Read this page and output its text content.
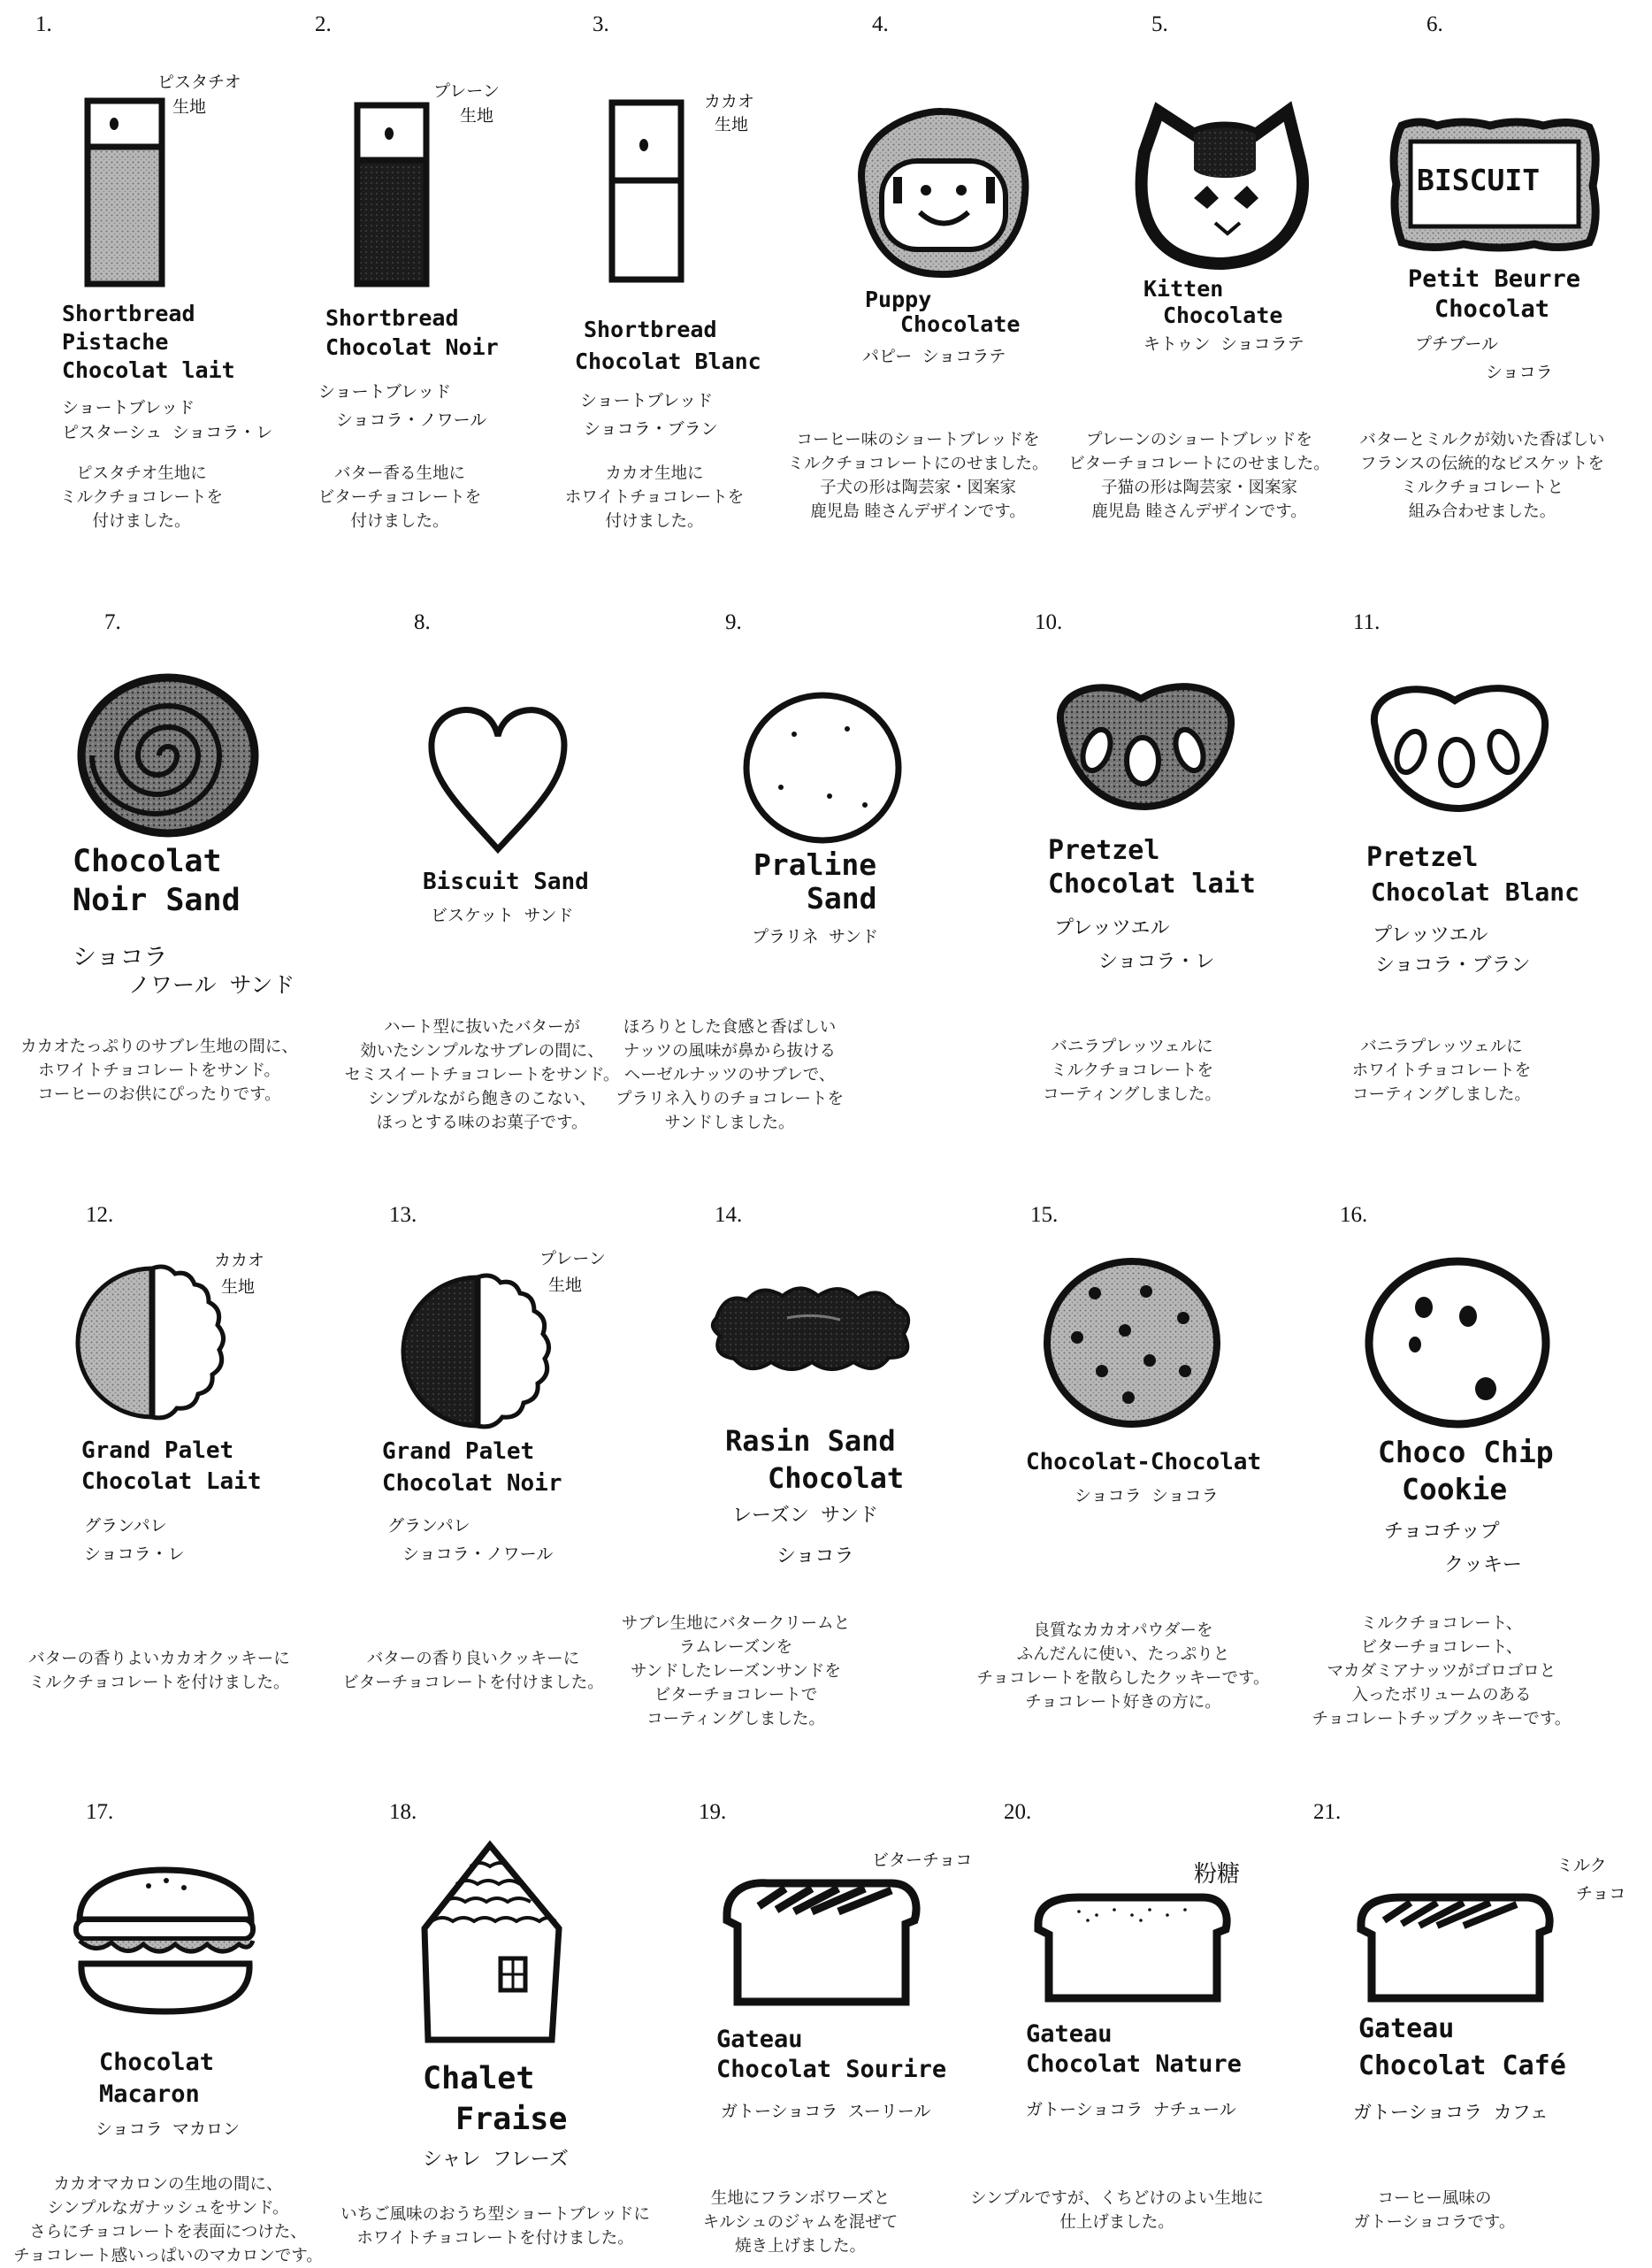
1.
ピスタチオ
生地
Shortbread
Pistache
Chocolat lait
ショートブレッド
ピスターシュ ショコラ・レ
ピスタチオ生地に
ミルクチョコレートを
付けました。
2.
プレーン
生地
Shortbread
Chocolat Noir
ショートブレッド
ショコラ・ノワール
バター香る生地に
ビターチョコレートを
付けました。
3.
カカオ
生地
Shortbread
Chocolat Blanc
ショートブレッド
ショコラ・ブラン
カカオ生地に
ホワイトチョコレートを
付けました。
4.
Puppy
Chocolate
パピー ショコラテ
コーヒー味のショートブレッドを
ミルクチョコレートにのせました。
子犬の形は陶芸家・図案家
鹿児島 睦さんデザインです。
5.
Kitten
Chocolate
キトゥン ショコラテ
プレーンのショートブレッドを
ビターチョコレートにのせました。
子猫の形は陶芸家・図案家
鹿児島 睦さんデザインです。
6.
BISCUIT
Petit Beurre
Chocolat
プチブール
ショコラ
バターとミルクが効いた香ばしい
フランスの伝統的なビスケットを
ミルクチョコレートと
組み合わせました。
7.
Chocolat
Noir Sand
ショコラ
ノワール サンド
カカオたっぷりのサブレ生地の間に、
ホワイトチョコレートをサンド。
コーヒーのお供にぴったりです。
8.
Biscuit Sand
ビスケット サンド
ハート型に抜いたバターが
効いたシンプルなサブレの間に、
セミスイートチョコレートをサンド。
シンプルながら飽きのこない、
ほっとする味のお菓子です。
9.
Praline
Sand
プラリネ サンド
ほろりとした食感と香ばしい
ナッツの風味が鼻から抜ける
ヘーゼルナッツのサブレで、
プラリネ入りのチョコレートを
サンドしました。
10.
Pretzel
Chocolat lait
プレッツエル
ショコラ・レ
バニラプレッツェルに
ミルクチョコレートを
コーティングしました。
11.
Pretzel
Chocolat Blanc
プレッツエル
ショコラ・ブラン
バニラプレッツェルに
ホワイトチョコレートを
コーティングしました。
12.
カカオ
生地
Grand Palet
Chocolat Lait
グランパレ
ショコラ・レ
バターの香りよいカカオクッキーに
ミルクチョコレートを付けました。
13.
プレーン
生地
Grand Palet
Chocolat Noir
グランパレ
ショコラ・ノワール
バターの香り良いクッキーに
ビターチョコレートを付けました。
14.
Rasin Sand
Chocolat
レーズン サンド
ショコラ
サブレ生地にバタークリームと
ラムレーズンを
サンドしたレーズンサンドを
ビターチョコレートで
コーティングしました。
15.
Chocolat-Chocolat
ショコラ ショコラ
良質なカカオパウダーを
ふんだんに使い、たっぷりと
チョコレートを散らしたクッキーです。
チョコレート好きの方に。
16.
Choco Chip
Cookie
チョコチップ
クッキー
ミルクチョコレート、
ビターチョコレート、
マカダミアナッツがゴロゴロと
入ったボリュームのある
チョコレートチップクッキーです。
17.
Chocolat
Macaron
ショコラ マカロン
カカオマカロンの生地の間に、
シンプルなガナッシュをサンド。
さらにチョコレートを表面につけた、
チョコレート感いっぱいのマカロンです。
18.
Chalet
Fraise
シャレ フレーズ
いちご風味のおうち型ショートブレッドに
ホワイトチョコレートを付けました。
19.
ビターチョコ
Gateau
Chocolat Sourire
ガトーショコラ スーリール
生地にフランボワーズと
キルシュのジャムを混ぜて
焼き上げました。
20.
粉糖
Gateau
Chocolat Nature
ガトーショコラ ナチュール
シンプルですが、くちどけのよい生地に
仕上げました。
21.
ミルク
チョコ
Gateau
Chocolat Café
ガトーショコラ カフェ
コーヒー風味の
ガトーショコラです。
